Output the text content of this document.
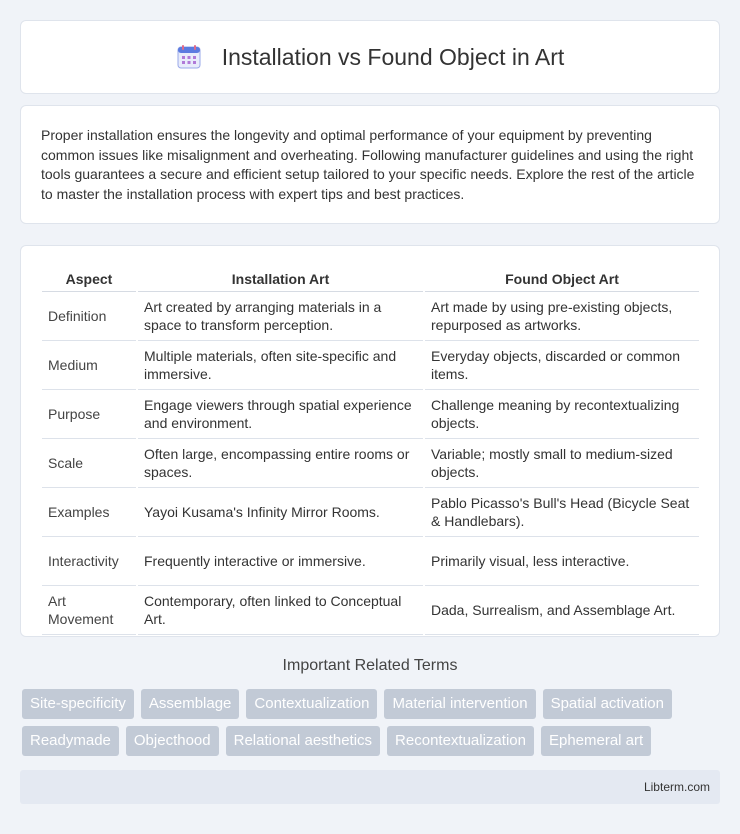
Installation vs Found Object in Art

Proper installation ensures the longevity and optimal performance of your equipment by preventing common issues like misalignment and overheating. Following manufacturer guidelines and using the right tools guarantees a secure and efficient setup tailored to your specific needs. Explore the rest of the article to master the installation process with expert tips and best practices.

Aspect	Installation Art	Found Object Art
Definition	Art created by arranging materials in a space to transform perception.	Art made by using pre-existing objects, repurposed as artworks.
Medium	Multiple materials, often site-specific and immersive.	Everyday objects, discarded or common items.
Purpose	Engage viewers through spatial experience and environment.	Challenge meaning by recontextualizing objects.
Scale	Often large, encompassing entire rooms or spaces.	Variable; mostly small to medium-sized objects.
Examples	Yayoi Kusama's Infinity Mirror Rooms.	Pablo Picasso's Bull's Head (Bicycle Seat & Handlebars).
Interactivity	Frequently interactive or immersive.	Primarily visual, less interactive.
Art Movement	Contemporary, often linked to Conceptual Art.	Dada, Surrealism, and Assemblage Art.
Important Related Terms
Site-specificity	Assemblage	Contextualization	Material intervention	Spatial activation
Readymade	Objecthood	Relational aesthetics	Recontextualization	Ephemeral art
Libterm.com
